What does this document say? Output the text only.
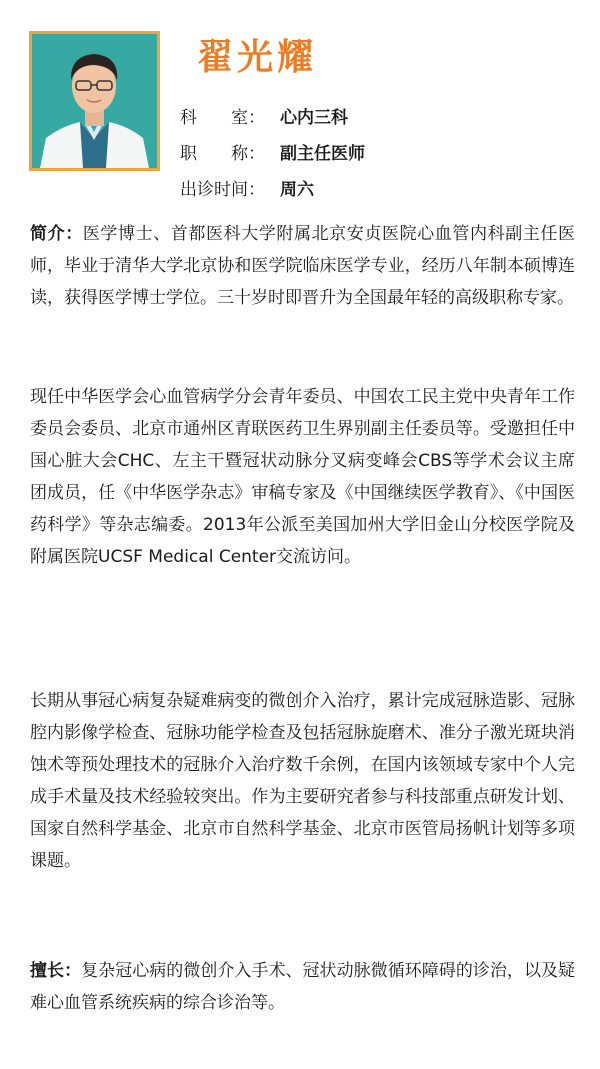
翟光耀
科　　室： 心内三科
职　　称： 副主任医师
出诊时间： 周六

简介：医学博士、首都医科大学附属北京安贞医院心血管内科副主任医师，毕业于清华大学北京协和医学院临床医学专业，经历八年制本硕博连读，获得医学博士学位。三十岁时即晋升为全国最年轻的高级职称专家。

现任中华医学会心血管病学分会青年委员、中国农工民主党中央青年工作委员会委员、北京市通州区青联医药卫生界别副主任委员等。受邀担任中国心脏大会CHC、左主干暨冠状动脉分叉病变峰会CBS等学术会议主席团成员，任《中华医学杂志》审稿专家及《中国继续医学教育》、《中国医药科学》等杂志编委。2013年公派至美国加州大学旧金山分校医学院及附属医院UCSF Medical Center交流访问。

长期从事冠心病复杂疑难病变的微创介入治疗，累计完成冠脉造影、冠脉腔内影像学检查、冠脉功能学检查及包括冠脉旋磨术、准分子激光斑块消蚀术等预处理技术的冠脉介入治疗数千余例，在国内该领域专家中个人完成手术量及技术经验较突出。作为主要研究者参与科技部重点研发计划、国家自然科学基金、北京市自然科学基金、北京市医管局扬帆计划等多项课题。

擅长：复杂冠心病的微创介入手术、冠状动脉微循环障碍的诊治，以及疑难心血管系统疾病的综合诊治等。
